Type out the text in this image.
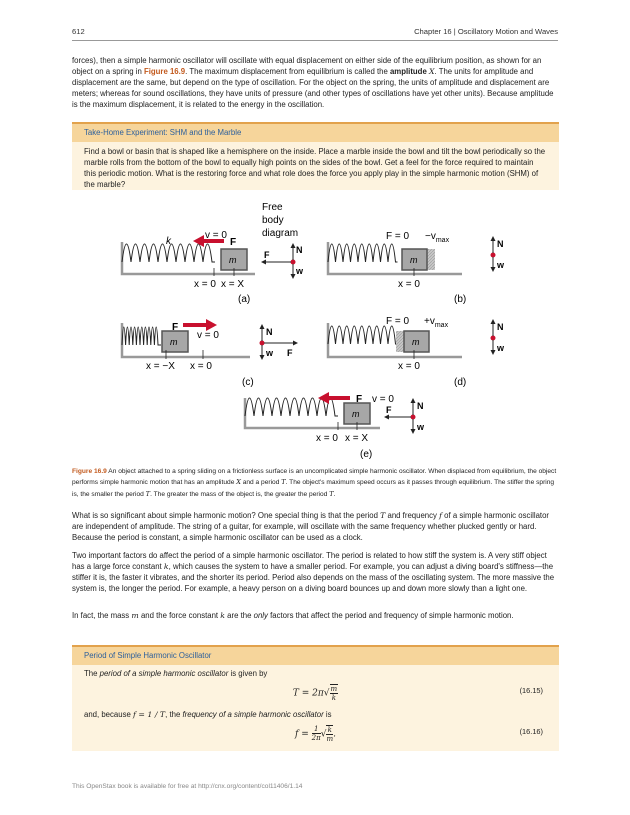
612	Chapter 16 | Oscillatory Motion and Waves

forces), then a simple harmonic oscillator will oscillate with equal displacement on either side of the equilibrium position, as shown for an object on a spring in Figure 16.9. The maximum displacement from equilibrium is called the amplitude X. The units for amplitude and displacement are the same, but depend on the type of oscillation. For the object on the spring, the units of amplitude and displacement are meters; whereas for sound oscillations, they have units of pressure (and other types of oscillations have yet other units). Because amplitude is the maximum displacement, it is related to the energy in the oscillation.

Take-Home Experiment: SHM and the Marble
Find a bowl or basin that is shaped like a hemisphere on the inside. Place a marble inside the bowl and tilt the bowl periodically so the marble rolls from the bottom of the bowl to equally high points on the sides of the bowl. Get a feel for the force required to maintain this periodic motion. What is the restoring force and what role does the force you apply play in the simple harmonic motion (SHM) of the marble?
Free
body
diagram
m
k
v = 0
F
x = 0 x = X
(a)
F	N
w
m
$F = 0 -v_{max}$
x = 0
(b)
N
w
m
F
v = 0
x = −X x = 0
(c)
N
w F
m
$F = 0 +v_{max}$
x = 0
(d)
N
w
m
F v = 0
x = 0 x = X
(e)
F	N
w

Figure 16.9 An object attached to a spring sliding on a frictionless surface is an uncomplicated simple harmonic oscillator. When displaced from equilibrium, the object performs simple harmonic motion that has an amplitude X and a period T. The object's maximum speed occurs as it passes through equilibrium. The stiffer the spring is, the smaller the period T. The greater the mass of the object is, the greater the period T.

What is so significant about simple harmonic motion? One special thing is that the period T and frequency f of a simple harmonic oscillator are independent of amplitude. The string of a guitar, for example, will oscillate with the same frequency whether plucked gently or hard. Because the period is constant, a simple harmonic oscillator can be used as a clock.

Two important factors do affect the period of a simple harmonic oscillator. The period is related to how stiff the system is. A very stiff object has a large force constant k, which causes the system to have a smaller period. For example, you can adjust a diving board's stiffness—the stiffer it is, the faster it vibrates, and the shorter its period. Period also depends on the mass of the oscillating system. The more massive the system is, the longer the period. For example, a heavy person on a diving board bounces up and down more slowly than a light one.

In fact, the mass m and the force constant k are the only factors that affect the period and frequency of simple harmonic motion.

Period of Simple Harmonic Oscillator
The period of a simple harmonic oscillator is given by
$T = 2\pi√ \frac{m}{k}$	(16.15)
and, because f = 1 / T, the frequency of a simple harmonic oscillator is
$f = \frac{1}{2\pi}$ √ $\frac{k}{m}$ .	(16.16)
This OpenStax book is available for free at http://cnx.org/content/col11406/1.14
